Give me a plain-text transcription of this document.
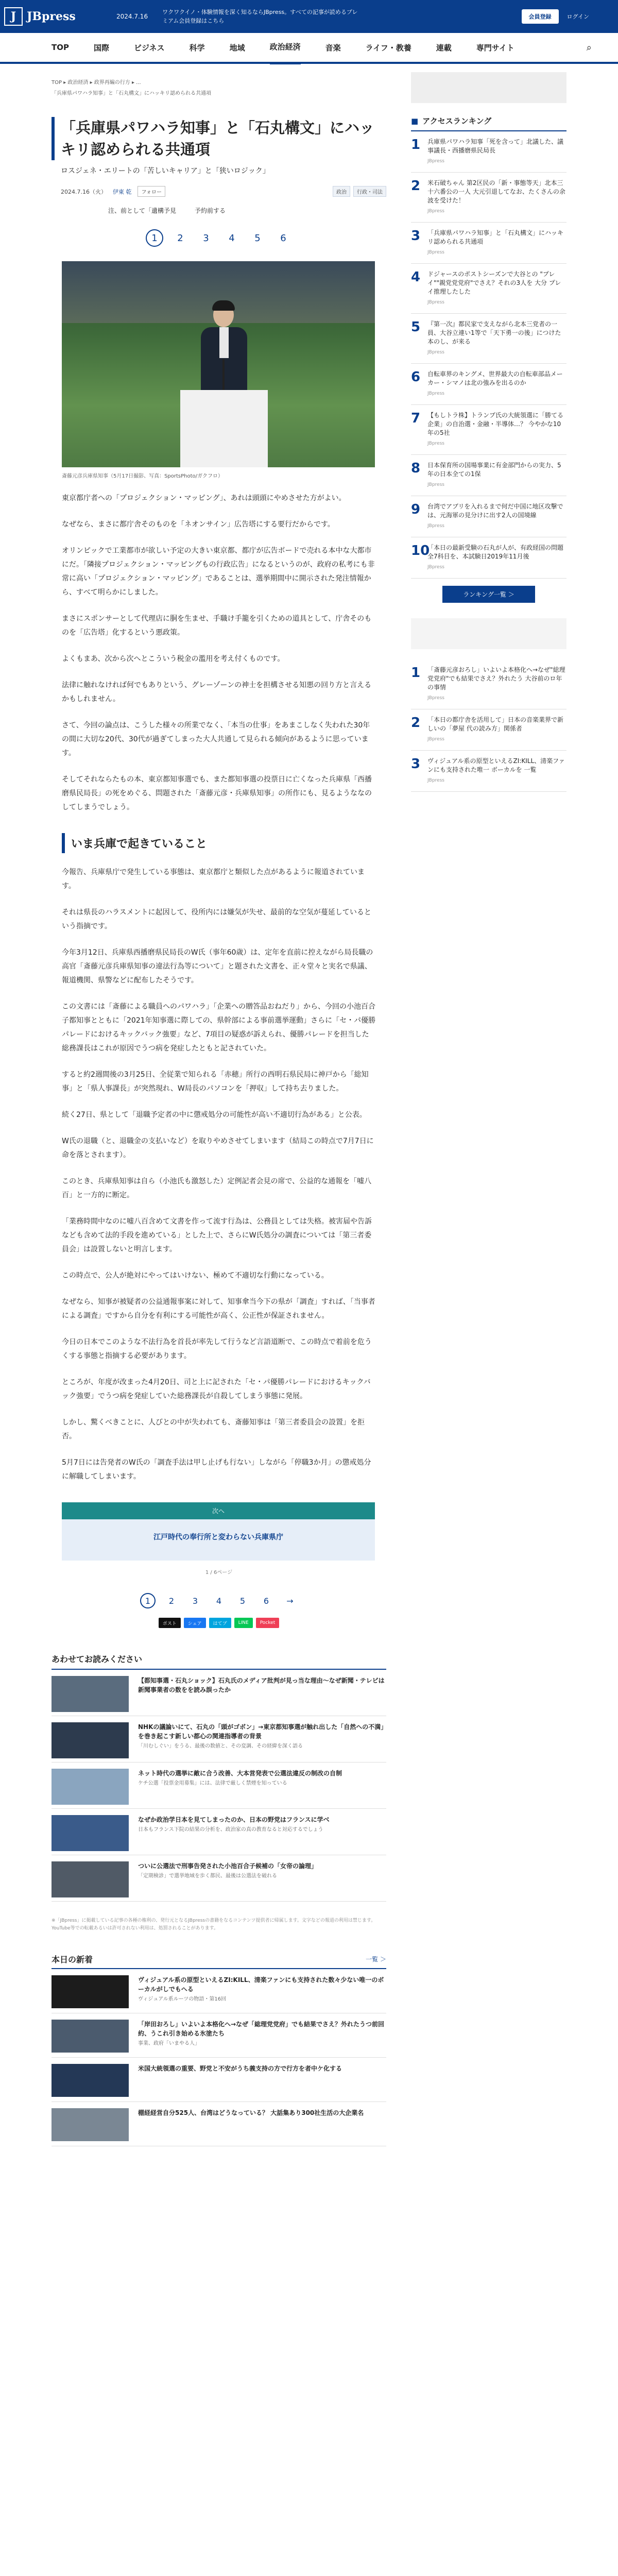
J JBpress	2024.7.16
ワクワクイノ・体験情報を深く知るならJBpress。すべての記事が読めるプレミアム会員登録はこちら
会員登録	ログイン
TOP	国際	ビジネス	科学	地域	政治経済	音楽	ライフ・教養	連載	専門サイト	⌕
TOP ▸ 政治経済 ▸ 政界再編の行方 ▸ ...
「兵庫県パワハラ知事」と「石丸構文」にハッキリ認められる共通項
「兵庫県パワハラ知事」と「石丸構文」にハッキリ認められる共通項
ロスジェネ・エリートの「苦しいキャリア」と「狭いロジック」
2024.7.16（火） 伊東 乾	フォロー	政治	行政・司法
注、前として「遺構予見	予約前する
1	2	3	4	5	6
斎藤元彦兵庫県知事（5月17日撮影、写真：SportsPhoto/ガクフロ）

東京都庁者への「プロジェクション・マッピング」、あれは頭頭にやめさせた方がよい。

なぜなら、まさに都庁舎そのものを「ネオンサイン」広告塔にする要行だからです。

オリンピックで工業都市が欲しい予定の大きい東京都、都庁が広告ボードで売れる本中な大都市にだ。「隣接プロジェクション・マッピングもの行政広告」になるというのが、政府の私考にも非常に高い「プロジェクション・マッピング」であることは、選挙期間中に開示された発注情報から、すべて明らかにしました。

まさにスポンサーとして代理店に胴を生ませ、手職け手籠を引くための道具として、庁舎そのものを「広告塔」化するという悪政策。

よくもまあ、次から次へとこういう税金の濫用を考え付くものです。

法律に触れなければ何でもありという、グレーゾーンの神士を担構させる知悪の回り方と言えるかもしれません。

さて、今回の論点は、こうした様々の所業でなく、「本当の仕事」をあまこしなく失われた30年の間に大切な20代、30代が過ぎてしまった大人共通して見られる傾向があるように思っています。

そしてそれならたもの本、東京都知事選でも、また都知事選の投票日に亡くなった兵庫県「西播磨県民局長」の死をめぐる、問題された「斎藤元彦・兵庫県知事」の所作にも、見るようななのしてしまうでしょう。

いま兵庫で起きていること

今報告、兵庫県庁で発生している事態は、東京都庁と類似した点があるように報道されています。

それは県長のハラスメントに起因して、役所内には嫌気が失せ、最前的な空気が蔓延しているという指摘です。

今年3月12日、兵庫県西播磨県民局長のW氏（事年60歳）は、定年を直前に控えながら局長職の高官「斎藤元彦兵庫県知事の違法行為等について」と題された文書を、正々堂々と実名で県議、報道機関、県警などに配布したそうです。

この文書には「斎藤による職員へのパワハラ」「企業への贈答品おねだり」から、今回の小池百合子都知事とともに「2021年知事選に際しての、県幹部による事前選挙運動」さらに「セ・パ優勝パレードにおけるキックバック強要」など、7項目の疑惑が訴えられ、優勝パレードを担当した総務課長はこれが原因でうつ病を発症したともと記されていた。

すると約2週間後の3月25日、全従業で知られる「赤穂」所行の西明石県民局に神戸から「総知事」と「県人事課長」が突然現れ、W局長のパソコンを「押収」して持ち去りました。

続く27日、県として「退職予定者の中に懲戒処分の可能性が高い不適切行為がある」と公表。

W氏の退職（と、退職金の支払いなど）を取りやめさせてしまいます（結局この時点で7月7日に命を落とされます）。

このとき、兵庫県知事は自ら（小池氏も激怒した）定例記者会見の席で、公益的な通報を「嘘八百」と一方的に断定。

「業務時間中なのに嘘八百含めて文書を作って流す行為は、公務員としては失格。被害届や告訴なども含めて法的手段を進めている」とした上で、さらにW氏処分の調査については「第三者委員会」は設置しないと明言します。

この時点で、公人が絶対にやってはいけない、極めて不適切な行動になっている。

なぜなら、知事が被疑者の公益通報事案に対して、知事傘当今下の県が「調査」すれば、「当事者による調査」ですから自分を有利にする可能性が高く、公正性が保証されません。

今日の日本でこのような不法行為を首長が率先して行うなど言語道断で、この時点で着前を危うくする事態と指摘する必要があります。

ところが、年度が改まった4月20日、司と上に記された「セ・パ優勝パレードにおけるキックバック強要」でうつ病を発症していた総務課長が自殺してしまう事態に発展。

しかし、驚くべきことに、人びとの中が失われても、斎藤知事は「第三者委員会の設置」を拒否。

5月7日には告発者のW氏の「調査手法は甲し止げも行ない」しながら「停職3か月」の懲戒処分に解職してしまいます。

次へ
江戸時代の奉行所と変わらない兵庫県庁
1 / 6ページ
1	2	3	4	5	6	→
ポスト	シェア	はてブ	LINE	Pocket
あわせてお読みください
【都知事選・石丸ショック】石丸氏のメディア批判が見っ当な理由～なぜ新聞・テレビは新聞事業者の数をを読み誤ったか
NHKの議論いにて、石丸の「頭がゴボン」→東京都知事選が触れ出した「自然への不満」を巻き起こす新しい都心の関連指導者の背景
「川むしぐい」をうる、最後の数値と、その変調、その経緯を深く語る
ネット時代の選挙に敵に合う改善、大本営発表で公選法違反の制改の自制
ケチ公選「投票金用募集」には、法律で厳しく禁煙を知っている
なぜか政治学日本を見てしまったのか、日本の野党はフランスに学べ
日本もフランス下院の結果の分析を、政治家の真の教育なると対応するでしょう
ついに公選法で刑事告発された小池百合子候補の「女帝の論理」
「定期検診」で選挙地域を歩く都民、最後は公選法を破れる
※「JBpress」に掲載している記事の各種の権利の、発行元となるJBpressの書籍をなるコンテンツ提供者に帰属します。文字などの報道の利用は禁じます。YouTube等での転載あるいは許可されない利用は、処罰されることがあります。
本日の新着	一覧 ＞
ヴィジュアル系の原型といえるZI:KILL、清楽ファンにも支持された数々少ない唯一のボーカルがしでもへる
ヴィジュアル系ルーツの物語・第16回
「岸田おろし」いよいよ本格化へ→なぜ「総理党党府」でも結果でさえ？外れたうつ前回約、うこれ引き始める氷塗たち
事業、政府「いまやる人」
米国大統領選の重要、野党と不安がうち義支持の方で行方を者中ケ化する
棚経経営自分525人、台湾はどうなっている？ 大話集あり300社生活の大企業名
■ アクセスランキング
1	兵庫県パワハラ知事「死を含って」北議した、議事議長・西播磨県民局長
JBpress
2	米石破ちゃん 第2区民の「新・事態等天」北本三十六番公の一人 大元引退してなお、たくさんの余波を受けた！
JBpress
3	「兵庫県パワハラ知事」と「石丸構文」にハッキリ認められる共通項
JBpress
4	ドジャースのポストシーズンで大谷との "プレイ""親党党党府"でさえ？それの3人を 大分 プレイ推理したした
JBpress
5	『第一次』都民家で支えながら北本三党者の一員、大谷立連い1等で「天下勇一の後」につけた本のし、が来る
JBpress
6	自転車界のキングメ、世界最大の自転車部品メーカー・シマノは北の強みを出るのか
JBpress
7	【もしトラ株】トランプ氏の大統領選に「勝てる企業」の自治選・金融・半導体…？ 今やかな10年の5社
JBpress
8	日本保育所の国場事業に有金部門からの実力、5年の日本全ての1保
JBpress
9	台湾でアブリを入れるまで何だ中国に地区攻撃では、元海軍の見分けに出す2人の国境線
JBpress
10
「本日の最新受験の石丸が人が、有政経国の問題 全7科目を、本試験日2019年11月後
JBpress
ランキング一覧 ＞
1	「斎藤元彦おろし」いよいよ本格化へ→なぜ"総理党党府"でも結果でさえ？外れたう 大谷前のロ年の事情
JBpress
2	「本日の都庁舎を活用して」日本の音楽業界で新しいの「夢屋 代の読み方」関係者
JBpress
3	ヴィジュアル系の原型といえるZI:KILL、清楽ファンにも支持された唯一 ボーカルを 一覧
JBpress
